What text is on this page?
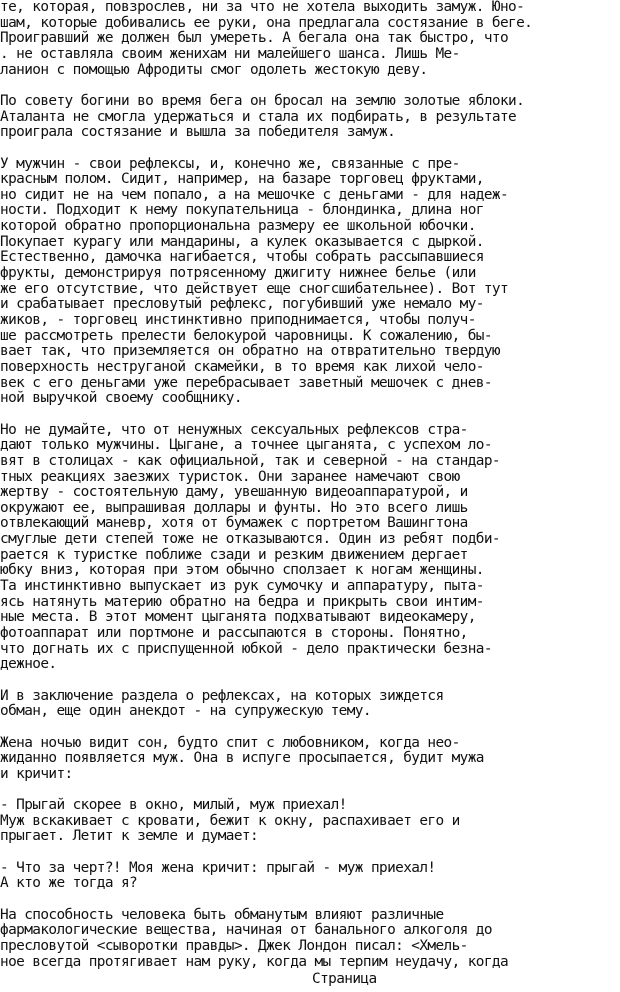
те, которая, повзрослев, ни за что не хотела выходить замуж. Юно-
шам, которые добивались ее руки, она предлагала состязание в беге.
Проигравший же должен был умереть. А бегала она так быстро, что
. не оставляла своим женихам ни малейшего шанса. Лишь Ме-
ланион с помощью Афродиты смог одолеть жестокую деву.
По совету богини во время бега он бросал на землю золотые яблоки.
Аталанта не смогла удержаться и стала их подбирать, в результате
проиграла состязание и вышла за победителя замуж.
У мужчин - свои рефлексы, и, конечно же, связанные с пре-
красным полом. Сидит, например, на базаре торговец фруктами,
но сидит не на чем попало, а на мешочке с деньгами - для надеж-
ности. Подходит к нему покупательница - блондинка, длина ног
которой обратно пропорциональна размеру ее школьной юбочки.
Покупает курагу или мандарины, а кулек оказывается с дыркой.
Естественно, дамочка нагибается, чтобы собрать рассыпавшиеся
фрукты, демонстрируя потрясенному джигиту нижнее белье (или
же его отсутствие, что действует еще сногсшибательнее). Вот тут
и срабатывает пресловутый рефлекс, погубивший уже немало му-
жиков, - торговец инстинктивно приподнимается, чтобы получ-
ше рассмотреть прелести белокурой чаровницы. К сожалению, бы-
вает так, что приземляется он обратно на отвратительно твердую
поверхность неструганой скамейки, в то время как лихой чело-
век с его деньгами уже перебрасывает заветный мешочек с днев-
ной выручкой своему сообщнику.
Но не думайте, что от ненужных сексуальных рефлексов стра-
дают только мужчины. Цыгане, а точнее цыганята, с успехом ло-
вят в столицах - как официальной, так и северной - на стандар-
тных реакциях заезжих туристок. Они заранее намечают свою
жертву - состоятельную даму, увешанную видеоаппаратурой, и
окружают ее, выпрашивая доллары и фунты. Но это всего лишь
отвлекающий маневр, хотя от бумажек с портретом Вашингтона
смуглые дети степей тоже не отказываются. Один из ребят подби-
рается к туристке поближе сзади и резким движением дергает
юбку вниз, которая при этом обычно сползает к ногам женщины.
Та инстинктивно выпускает из рук сумочку и аппаратуру, пыта-
ясь натянуть материю обратно на бедра и прикрыть свои интим-
ные места. В этот момент цыганята подхватывают видеокамеру,
фотоаппарат или портмоне и рассыпаются в стороны. Понятно,
что догнать их с приспущенной юбкой - дело практически безна-
дежное.
И в заключение раздела о рефлексах, на которых зиждется
обман, еще один анекдот - на супружескую тему.
Жена ночью видит сон, будто спит с любовником, когда нео-
жиданно появляется муж. Она в испуге просыпается, будит мужа
и кричит:
- Прыгай скорее в окно, милый, муж приехал!
Муж вскакивает с кровати, бежит к окну, распахивает его и
прыгает. Летит к земле и думает:
- Что за черт?! Моя жена кричит: прыгай - муж приехал!
А кто же тогда я?
На способность человека быть обманутым влияют различные
фармакологические вещества, начиная от банального алкоголя до
пресловутой <сыворотки правды>. Джек Лондон писал: <Хмель-
ное всегда протягивает нам руку, когда мы терпим неудачу, когда
Страница
